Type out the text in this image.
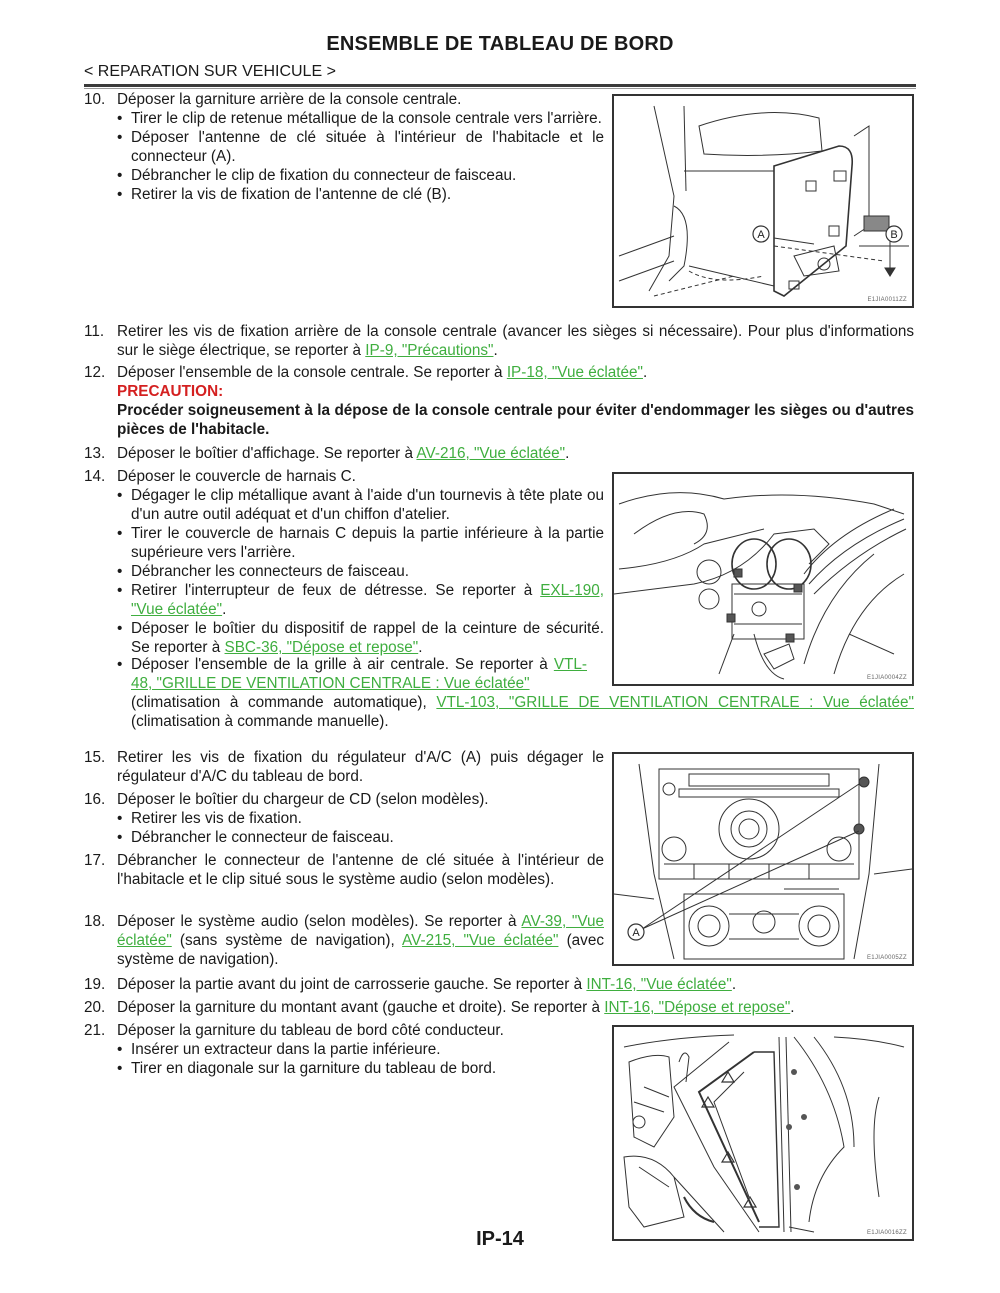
ENSEMBLE DE TABLEAU DE BORD
< REPARATION SUR VEHICULE >
10. Déposer la garniture arrière de la console centrale.
• Tirer le clip de retenue métallique de la console centrale vers l'arrière.
• Déposer l'antenne de clé située à l'intérieur de l'habitacle et le connecteur (A).
• Débrancher le clip de fixation du connecteur de faisceau.
• Retirer la vis de fixation de l'antenne de clé (B).
A	B
E1JIA0011ZZ
11. Retirer les vis de fixation arrière de la console centrale (avancer les sièges si nécessaire). Pour plus d'informations sur le siège électrique, se reporter à IP-9, "Précautions".
12. Déposer l'ensemble de la console centrale. Se reporter à IP-18, "Vue éclatée".
PRECAUTION:
Procéder soigneusement à la dépose de la console centrale pour éviter d'endommager les sièges ou d'autres pièces de l'habitacle.
13. Déposer le boîtier d'affichage. Se reporter à AV-216, "Vue éclatée".
14. Déposer le couvercle de harnais C.
• Dégager le clip métallique avant à l'aide d'un tournevis à tête plate ou d'un autre outil adéquat et d'un chiffon d'atelier.
• Tirer le couvercle de harnais C depuis la partie inférieure à la partie supérieure vers l'arrière.
• Débrancher les connecteurs de faisceau.
• Retirer l'interrupteur de feux de détresse. Se reporter à EXL-190, "Vue éclatée".
• Déposer le boîtier du dispositif de rappel de la ceinture de sécurité. Se reporter à SBC-36, "Dépose et repose".
• Déposer l'ensemble de la grille à air centrale. Se reporter à VTL-48, "GRILLE DE VENTILATION CENTRALE : Vue éclatée"
(climatisation à commande automatique), VTL-103, "GRILLE DE VENTILATION CENTRALE : Vue éclatée" (climatisation à commande manuelle).
E1JIA0004ZZ
15. Retirer les vis de fixation du régulateur d'A/C (A) puis dégager le régulateur d'A/C du tableau de bord.
16. Déposer le boîtier du chargeur de CD (selon modèles).
• Retirer les vis de fixation.
• Débrancher le connecteur de faisceau.
17. Débrancher le connecteur de l'antenne de clé située à l'intérieur de l'habitacle et le clip situé sous le système audio (selon modèles).
18. Déposer le système audio (selon modèles). Se reporter à AV-39, "Vue éclatée" (sans système de navigation), AV-215, "Vue éclatée" (avec système de navigation).
A
E1JIA0005ZZ
19. Déposer la partie avant du joint de carrosserie gauche. Se reporter à INT-16, "Vue éclatée".
20. Déposer la garniture du montant avant (gauche et droite). Se reporter à INT-16, "Dépose et repose".
21. Déposer la garniture du tableau de bord côté conducteur.
• Insérer un extracteur dans la partie inférieure.
• Tirer en diagonale sur la garniture du tableau de bord.
E1JIA0016ZZ
IP-14
